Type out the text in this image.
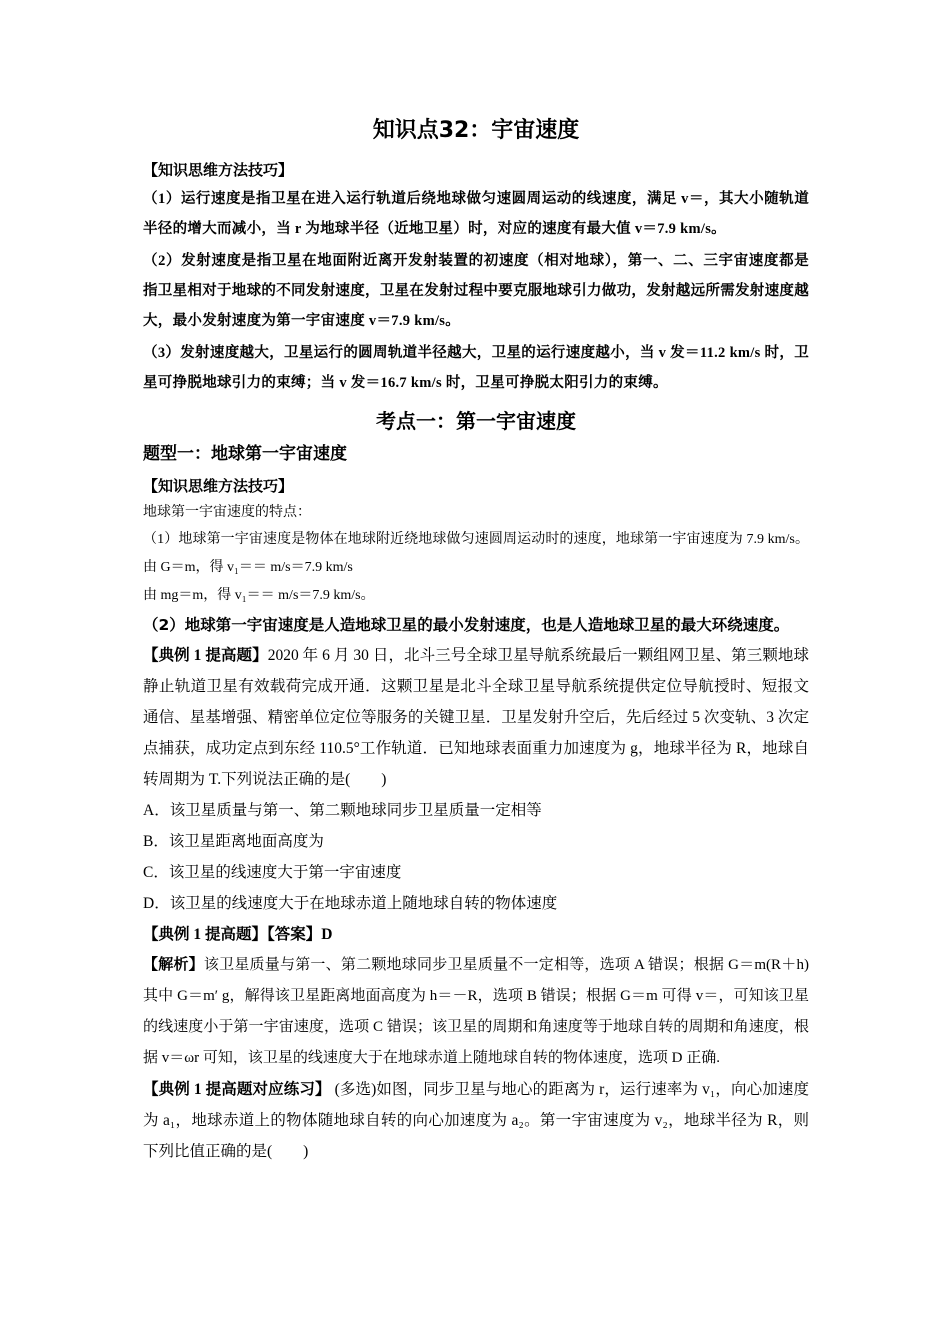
知识点32：宇宙速度

【知识思维方法技巧】

（1）运行速度是指卫星在进入运行轨道后绕地球做匀速圆周运动的线速度，满足 v＝，其大小随轨道半径的增大而减小，当 r 为地球半径（近地卫星）时，对应的速度有最大值 v＝7.9 km/s。

（2）发射速度是指卫星在地面附近离开发射装置的初速度（相对地球），第一、二、三宇宙速度都是指卫星相对于地球的不同发射速度，卫星在发射过程中要克服地球引力做功，发射越远所需发射速度越大，最小发射速度为第一宇宙速度 v＝7.9 km/s。

（3）发射速度越大，卫星运行的圆周轨道半径越大，卫星的运行速度越小，当 v 发＝11.2 km/s 时，卫星可挣脱地球引力的束缚；当 v 发＝16.7 km/s 时，卫星可挣脱太阳引力的束缚。

考点一：第一宇宙速度
题型一：地球第一宇宙速度

【知识思维方法技巧】

地球第一宇宙速度的特点：

（1）地球第一宇宙速度是物体在地球附近绕地球做匀速圆周运动时的速度，地球第一宇宙速度为 7.9 km/s。由 G＝m，得 v₁＝＝ m/s＝7.9 km/s

由 mg＝m，得 v₁＝＝ m/s＝7.9 km/s。

（2）地球第一宇宙速度是人造地球卫星的最小发射速度，也是人造地球卫星的最大环绕速度。

【典例 1 提高题】2020 年 6 月 30 日，北斗三号全球卫星导航系统最后一颗组网卫星、第三颗地球静止轨道卫星有效载荷完成开通．这颗卫星是北斗全球卫星导航系统提供定位导航授时、短报文通信、星基增强、精密单位定位等服务的关键卫星．卫星发射升空后，先后经过 5 次变轨、3 次定点捕获，成功定点到东经 110.5°工作轨道．已知地球表面重力加速度为 g，地球半径为 R，地球自转周期为 T.下列说法正确的是(　　)

A．该卫星质量与第一、第二颗地球同步卫星质量一定相等

B．该卫星距离地面高度为

C．该卫星的线速度大于第一宇宙速度

D．该卫星的线速度大于在地球赤道上随地球自转的物体速度

【典例 1 提高题】【答案】D

【解析】该卫星质量与第一、第二颗地球同步卫星质量不一定相等，选项 A 错误；根据 G＝m(R＋h)其中 G＝m′ g，解得该卫星距离地面高度为 h＝－R，选项 B 错误；根据 G＝m 可得 v＝，可知该卫星的线速度小于第一宇宙速度，选项 C 错误；该卫星的周期和角速度等于地球自转的周期和角速度，根据 v＝ωr 可知，该卫星的线速度大于在地球赤道上随地球自转的物体速度，选项 D 正确.

【典例 1 提高题对应练习】 (多选)如图，同步卫星与地心的距离为 r，运行速率为 v₁，向心加速度为 a₁，地球赤道上的物体随地球自转的向心加速度为 a₂。第一宇宙速度为 v₂，地球半径为 R，则下列比值正确的是(　　)
